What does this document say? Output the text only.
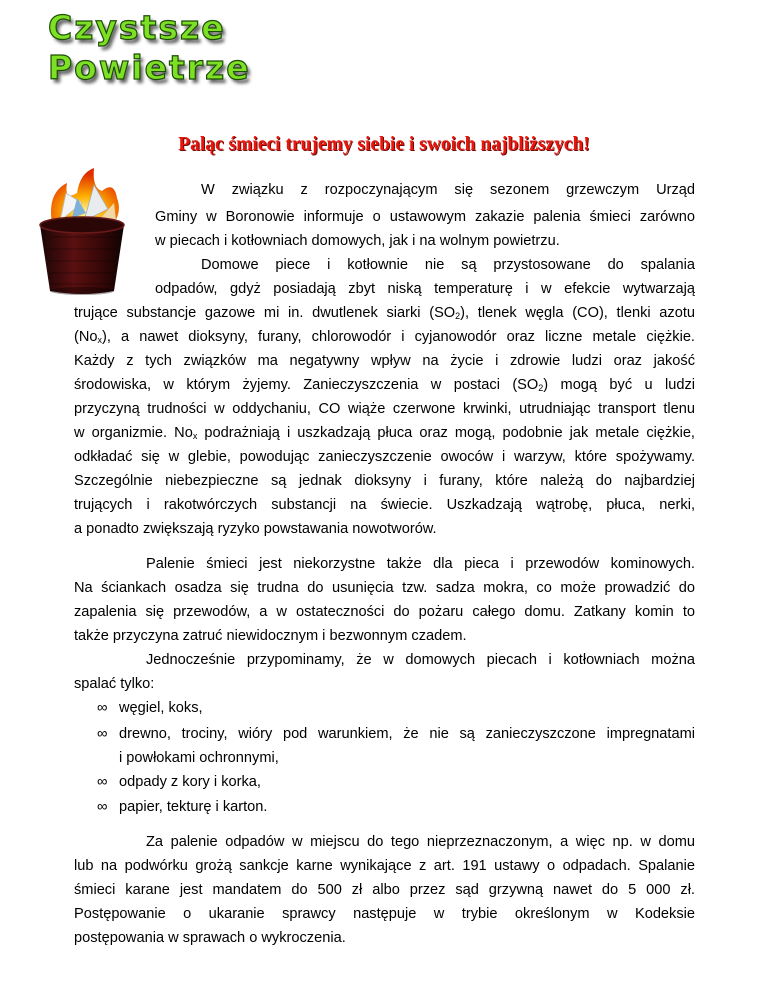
Czystsze
Powietrze
Paląc śmieci trujemy siebie i swoich najbliższych!
W związku z rozpoczynającym się sezonem grzewczym Urząd
Gminy w Boronowie informuje o ustawowym zakazie palenia śmieci zarówno
w piecach i kotłowniach domowych, jak i na wolnym powietrzu.
Domowe piece i kotłownie nie są przystosowane do spalania
odpadów, gdyż posiadają zbyt niską temperaturę i w efekcie wytwarzają
trujące substancje gazowe mi in. dwutlenek siarki $(SO_2)$, tlenek węgla (CO), tlenki azotu
$(No_x)$, a nawet dioksyny, furany, chlorowodór i cyjanowodór oraz liczne metale ciężkie.
Każdy z tych związków ma negatywny wpływ na życie i zdrowie ludzi oraz jakość
środowiska, w którym żyjemy. Zanieczyszczenia w postaci $(SO_2)$ mogą być u ludzi
przyczyną trudności w oddychaniu, CO wiąże czerwone krwinki, utrudniając transport tlenu
w organizmie. $No_x$ podrażniają i uszkadzają płuca oraz mogą, podobnie jak metale ciężkie,
odkładać się w glebie, powodując zanieczyszczenie owoców i warzyw, które spożywamy.
Szczególnie niebezpieczne są jednak dioksyny i furany, które należą do najbardziej
trujących i rakotwórczych substancji na świecie. Uszkadzają wątrobę, płuca, nerki,
a ponadto zwiększają ryzyko powstawania nowotworów.
Palenie śmieci jest niekorzystne także dla pieca i przewodów kominowych.
Na ściankach osadza się trudna do usunięcia tzw. sadza mokra, co może prowadzić do
zapalenia się przewodów, a w ostateczności do pożaru całego domu. Zatkany komin to
także przyczyna zatruć niewidocznym i bezwonnym czadem.
Jednocześnie przypominamy, że w domowych piecach i kotłowniach można
spalać tylko:
∞ węgiel, koks,
∞ drewno, trociny, wióry pod warunkiem, że nie są zanieczyszczone impregnatami
i powłokami ochronnymi,
∞ odpady z kory i korka,
∞ papier, tekturę i karton.
Za palenie odpadów w miejscu do tego nieprzeznaczonym, a więc np. w domu
lub na podwórku grożą sankcje karne wynikające z art. 191 ustawy o odpadach. Spalanie
śmieci karane jest mandatem do 500 zł albo przez sąd grzywną nawet do 5 000 zł.
Postępowanie o ukaranie sprawcy następuje w trybie określonym w Kodeksie
postępowania w sprawach o wykroczenia.
